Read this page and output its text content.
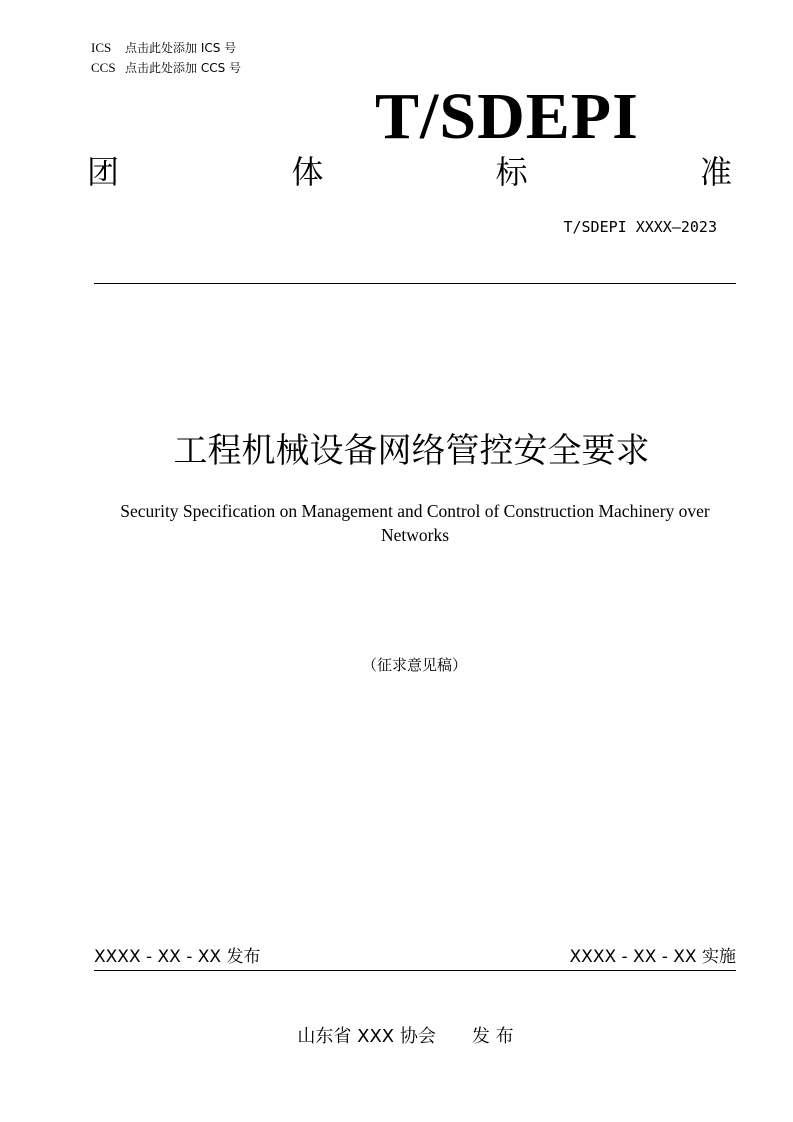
ICS 点击此处添加 ICS 号
CCS 点击此处添加 CCS 号
T/SDEPI
团	体	标	准
T/SDEPI XXXX—2023
工程机械设备网络管控安全要求
Security Specification on Management and Control of Construction Machinery over Networks
（征求意见稿）
XXXX - XX - XX 发布	XXXX - XX - XX 实施
山东省 XXX 协会 发 布
